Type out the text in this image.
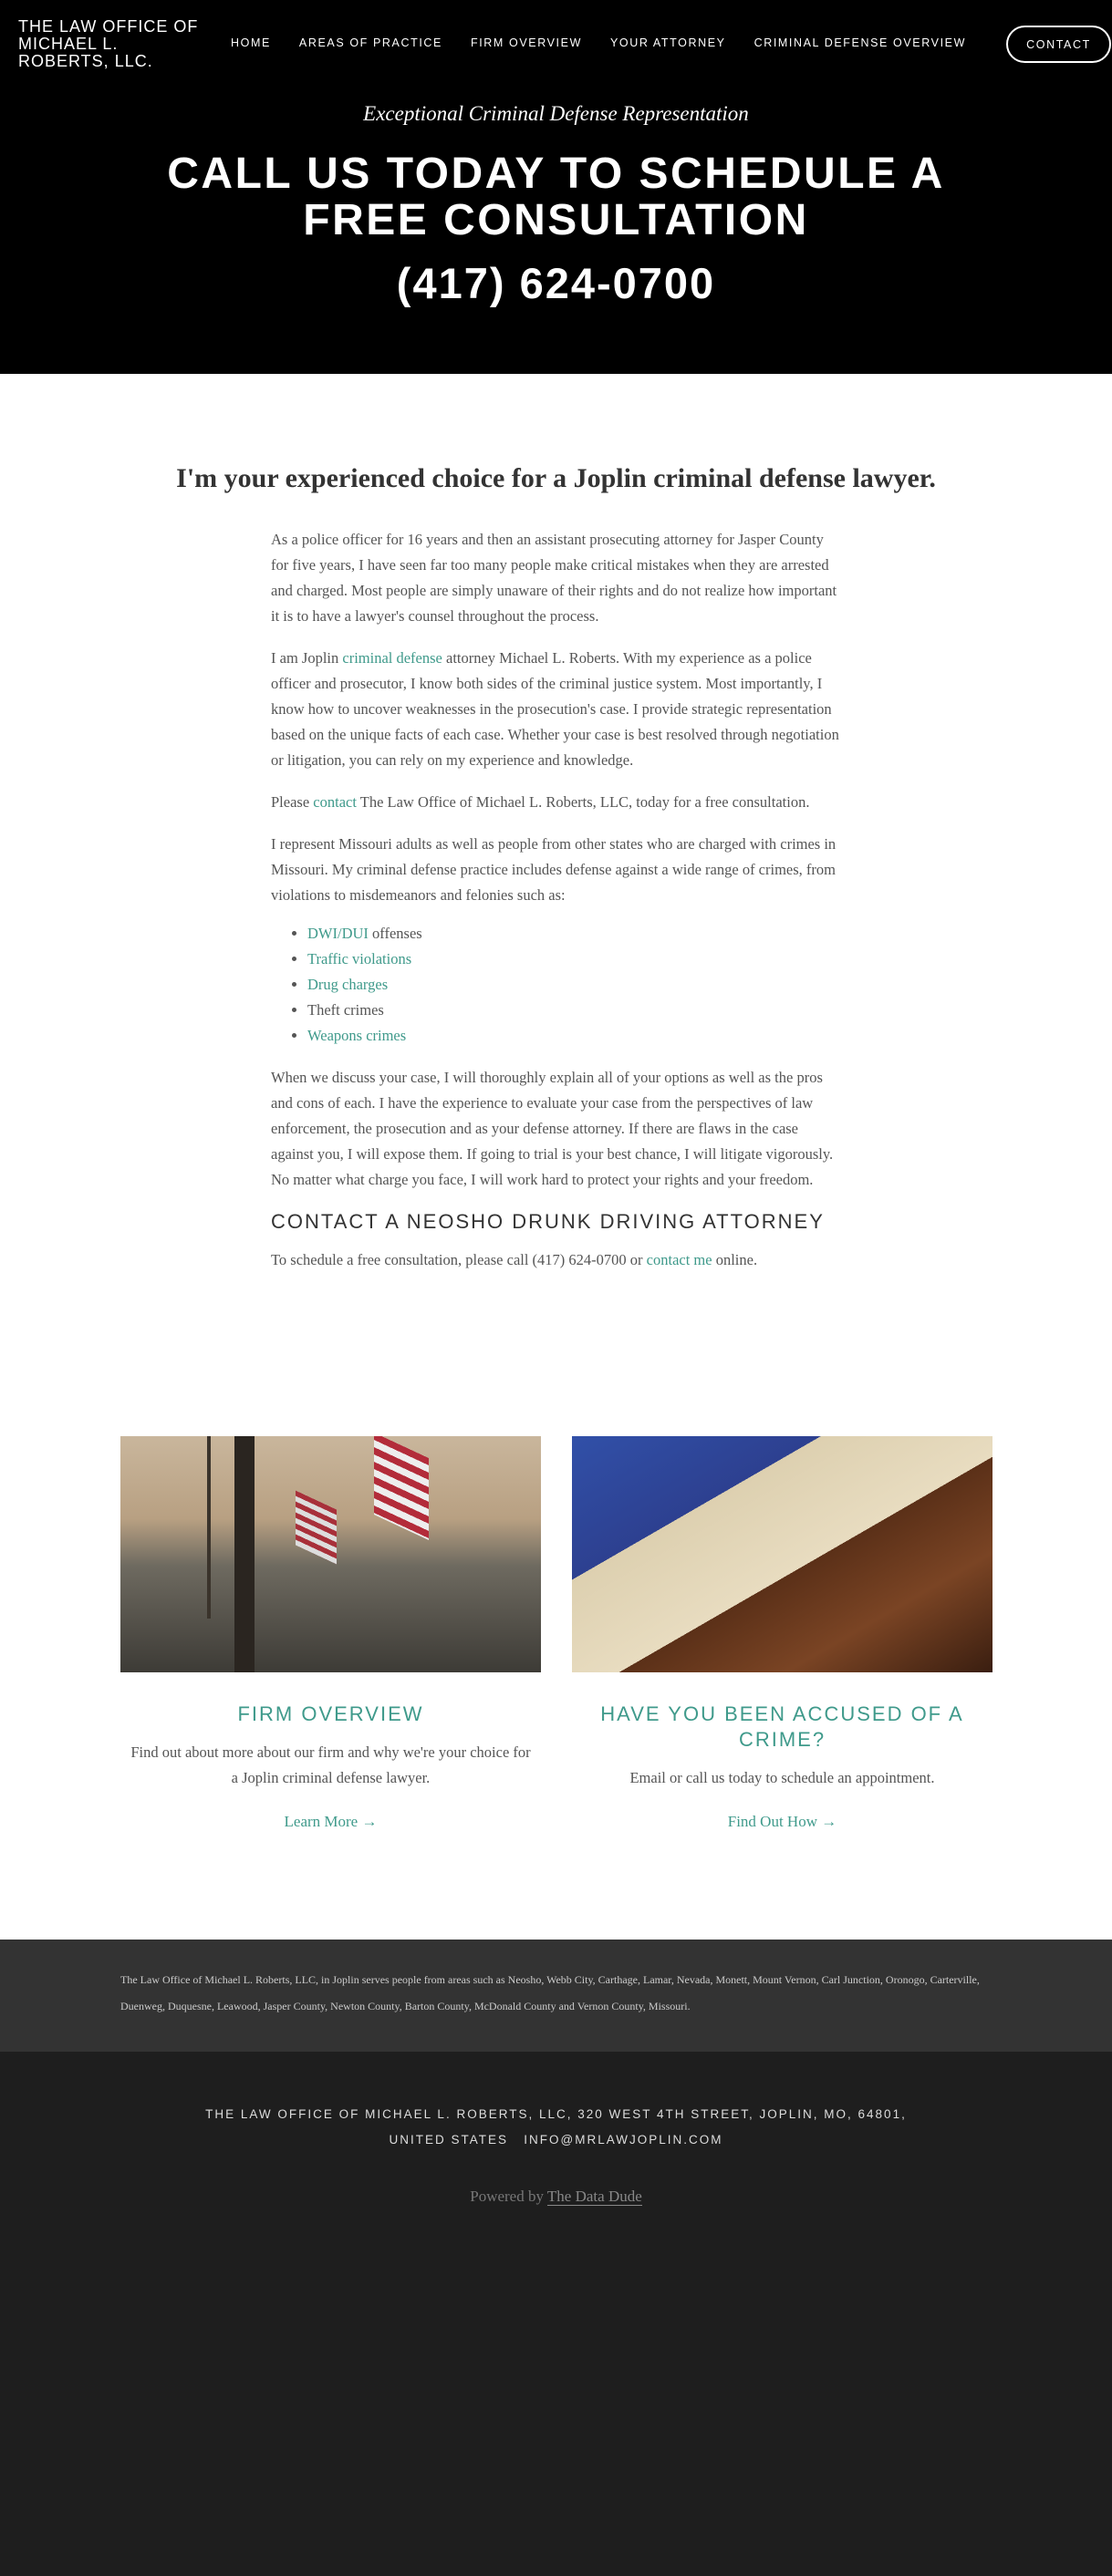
THE LAW OFFICE OF MICHAEL L. ROBERTS, LLC.
HOME AREAS OF PRACTICE FIRM OVERVIEW YOUR ATTORNEY CRIMINAL DEFENSE OVERVIEW	CONTACT
Exceptional Criminal Defense Representation
CALL US TODAY TO SCHEDULE A FREE CONSULTATION
(417) 624-0700
I'm your experienced choice for a Joplin criminal defense lawyer.

As a police officer for 16 years and then an assistant prosecuting attorney for Jasper County for five years, I have seen far too many people make critical mistakes when they are arrested and charged. Most people are simply unaware of their rights and do not realize how important it is to have a lawyer's counsel throughout the process.

I am Joplin criminal defense attorney Michael L. Roberts. With my experience as a police officer and prosecutor, I know both sides of the criminal justice system. Most importantly, I know how to uncover weaknesses in the prosecution's case. I provide strategic representation based on the unique facts of each case. Whether your case is best resolved through negotiation or litigation, you can rely on my experience and knowledge.

Please contact The Law Office of Michael L. Roberts, LLC, today for a free consultation.

I represent Missouri adults as well as people from other states who are charged with crimes in Missouri. My criminal defense practice includes defense against a wide range of crimes, from violations to misdemeanors and felonies such as:

• DWI/DUI offenses
• Traffic violations
• Drug charges
• Theft crimes
• Weapons crimes

When we discuss your case, I will thoroughly explain all of your options as well as the pros and cons of each. I have the experience to evaluate your case from the perspectives of law enforcement, the prosecution and as your defense attorney. If there are flaws in the case against you, I will expose them. If going to trial is your best chance, I will litigate vigorously. No matter what charge you face, I will work hard to protect your rights and your freedom.

CONTACT A NEOSHO DRUNK DRIVING ATTORNEY

To schedule a free consultation, please call (417) 624-0700 or contact me online.

FIRM OVERVIEW
Find out about more about our firm and why we're your choice for a Joplin criminal defense lawyer.
Learn More →
HAVE YOU BEEN ACCUSED OF A CRIME?
Email or call us today to schedule an appointment.
Find Out How →
The Law Office of Michael L. Roberts, LLC, in Joplin serves people from areas such as Neosho, Webb City, Carthage, Lamar, Nevada, Monett, Mount Vernon, Carl Junction, Oronogo, Carterville, Duenweg, Duquesne, Leawood, Jasper County, Newton County, Barton County, McDonald County and Vernon County, Missouri.
THE LAW OFFICE OF MICHAEL L. ROBERTS, LLC, 320 WEST 4TH STREET, JOPLIN, MO, 64801, UNITED STATES INFO@MRLAWJOPLIN.COM
Powered by The Data Dude
